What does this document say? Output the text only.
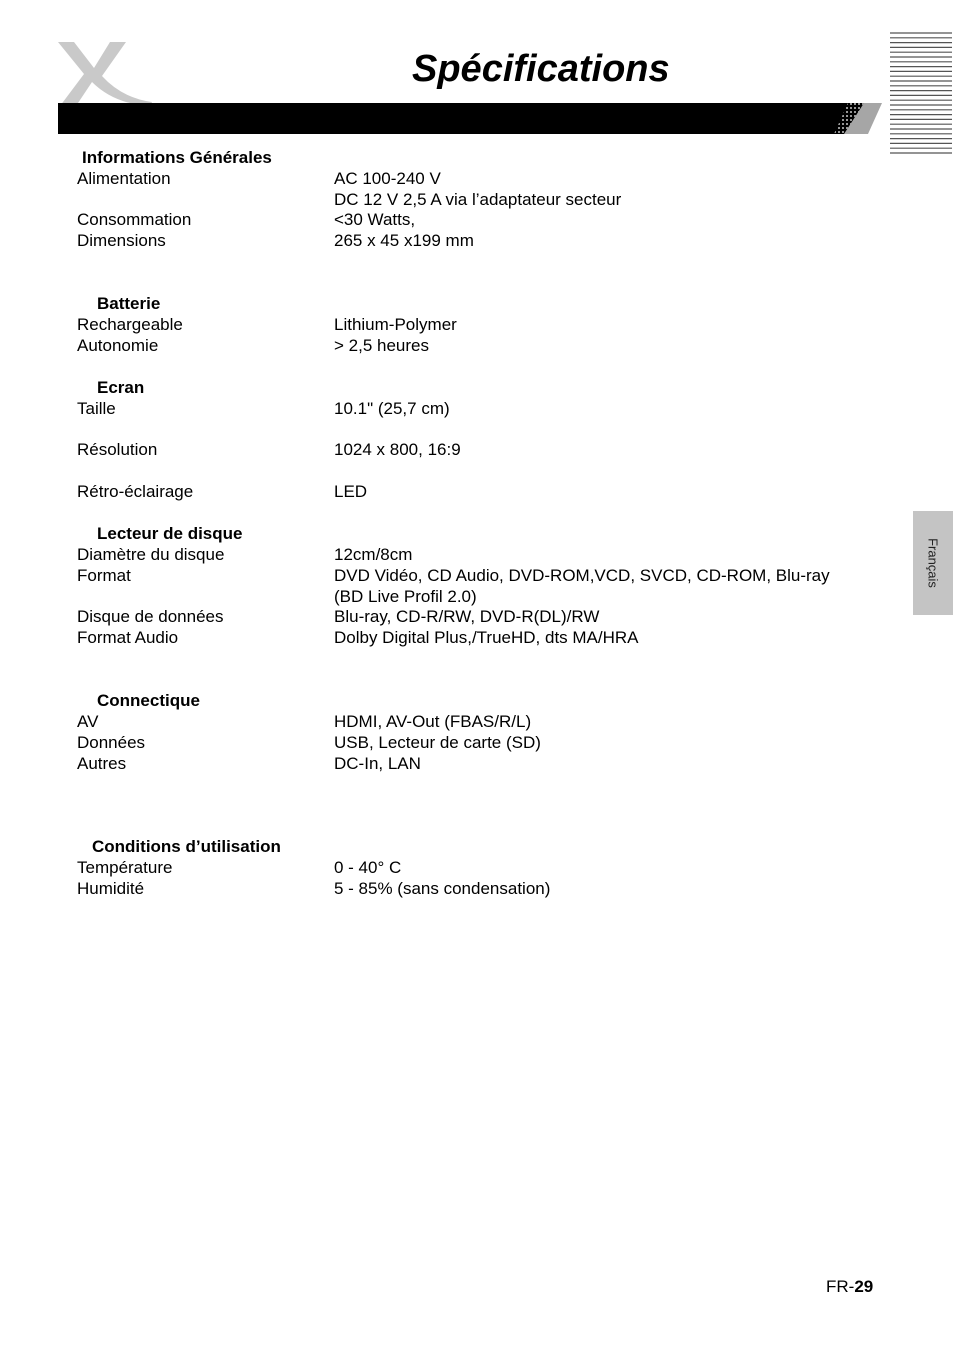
Spécifications
Français
Informations Générales
Alimentation	AC 100-240 V
DC 12 V 2,5 A via l’adaptateur secteur
Consommation	<30 Watts,
Dimensions	265 x 45 x199 mm
Batterie
Rechargeable	Lithium-Polymer
Autonomie	> 2,5 heures
Ecran
Taille	10.1" (25,7 cm)
Résolution	1024 x 800, 16:9
Rétro-éclairage	LED
Lecteur de disque
Diamètre du disque	12cm/8cm
Format	DVD Vidéo, CD Audio, DVD-ROM,VCD, SVCD, CD-ROM, Blu-ray
(BD Live Profil 2.0)
Disque de données	Blu-ray, CD-R/RW, DVD-R(DL)/RW
Format Audio	Dolby Digital Plus,/TrueHD, dts MA/HRA
Connectique
AV	HDMI, AV-Out (FBAS/R/L)
Données	USB, Lecteur de carte (SD)
Autres	DC-In, LAN
Conditions d’utilisation
Température	0 - 40° C
Humidité	5 - 85% (sans condensation)
FR-29
